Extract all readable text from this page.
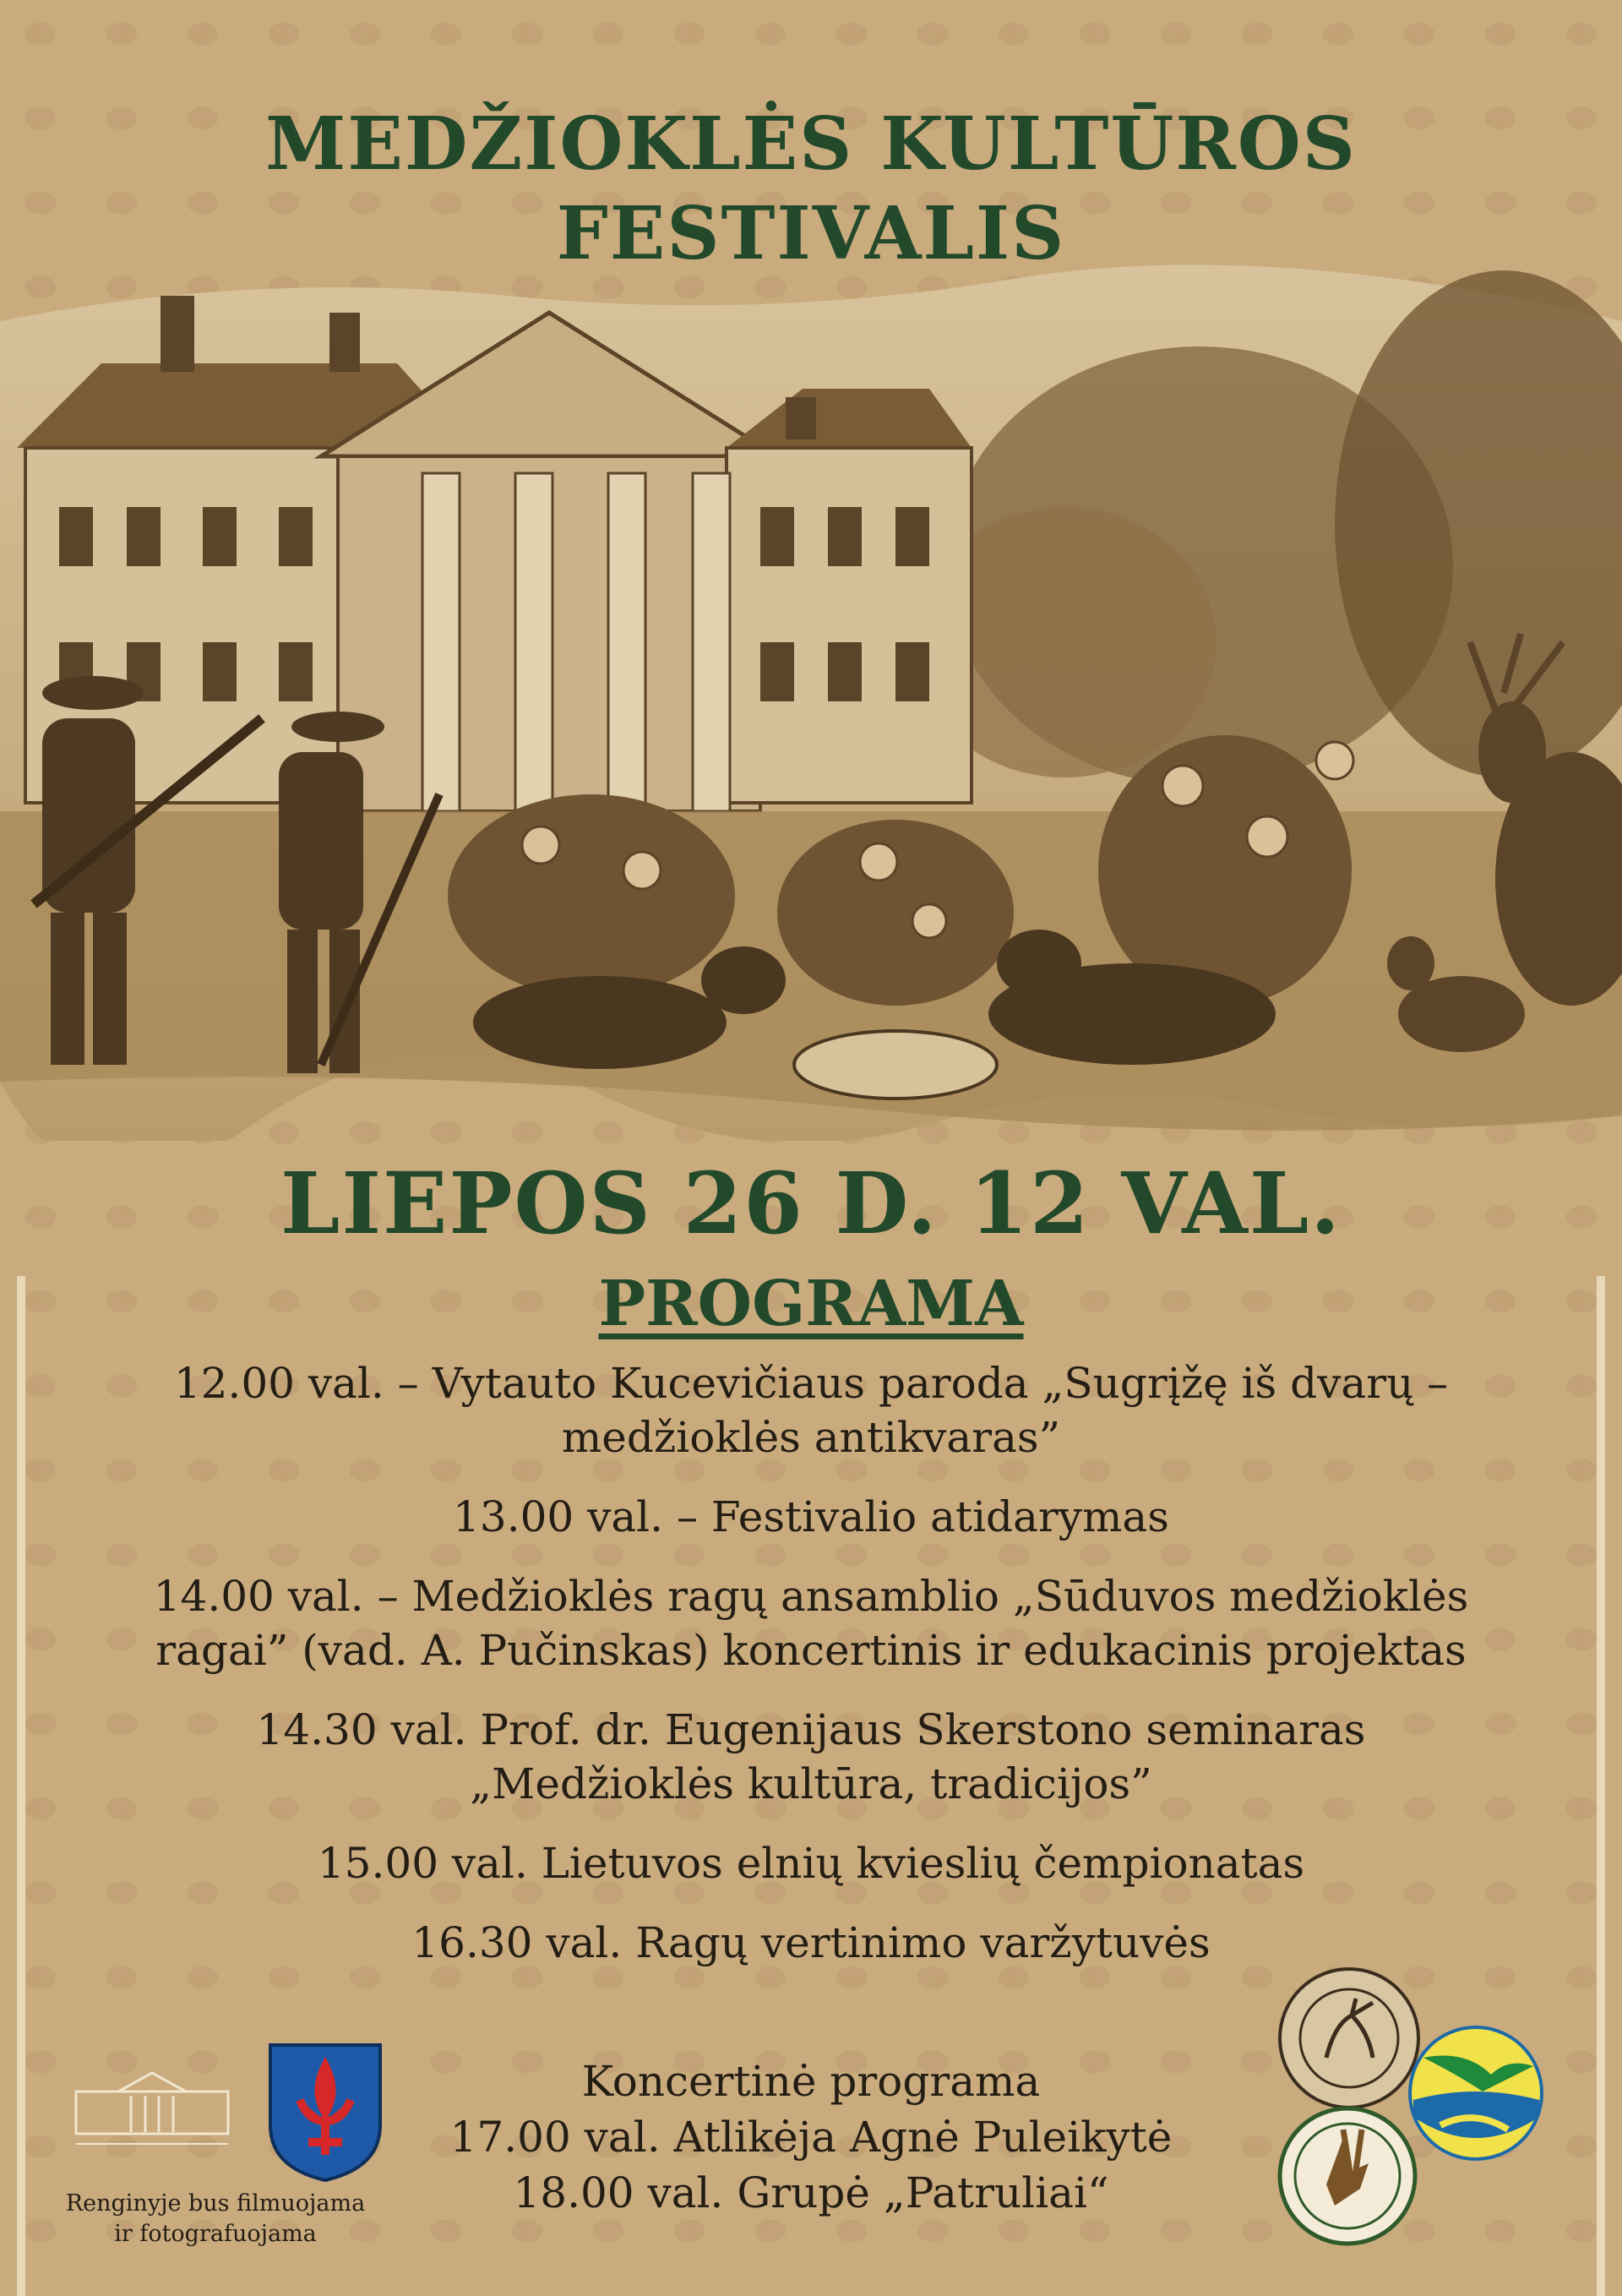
MEDŽIOKLĖS KULTŪROS
FESTIVALIS
LIEPOS 26 D. 12 VAL.
PROGRAMA
12.00 val. – Vytauto Kucevičiaus paroda „Sugrįžę iš dvarų –
medžioklės antikvaras”
13.00 val. – Festivalio atidarymas
14.00 val. – Medžioklės ragų ansamblio „Sūduvos medžioklės
ragai” (vad. A. Pučinskas) koncertinis ir edukacinis projektas
14.30 val. Prof. dr. Eugenijaus Skerstono seminaras
„Medžioklės kultūra, tradicijos”
15.00 val. Lietuvos elnių kvieslių čempionatas
16.30 val. Ragų vertinimo varžytuvės
Koncertinė programa
17.00 val. Atlikėja Agnė Puleikytė
18.00 val. Grupė „Patruliai“
Renginyje bus filmuojama
ir fotografuojama
